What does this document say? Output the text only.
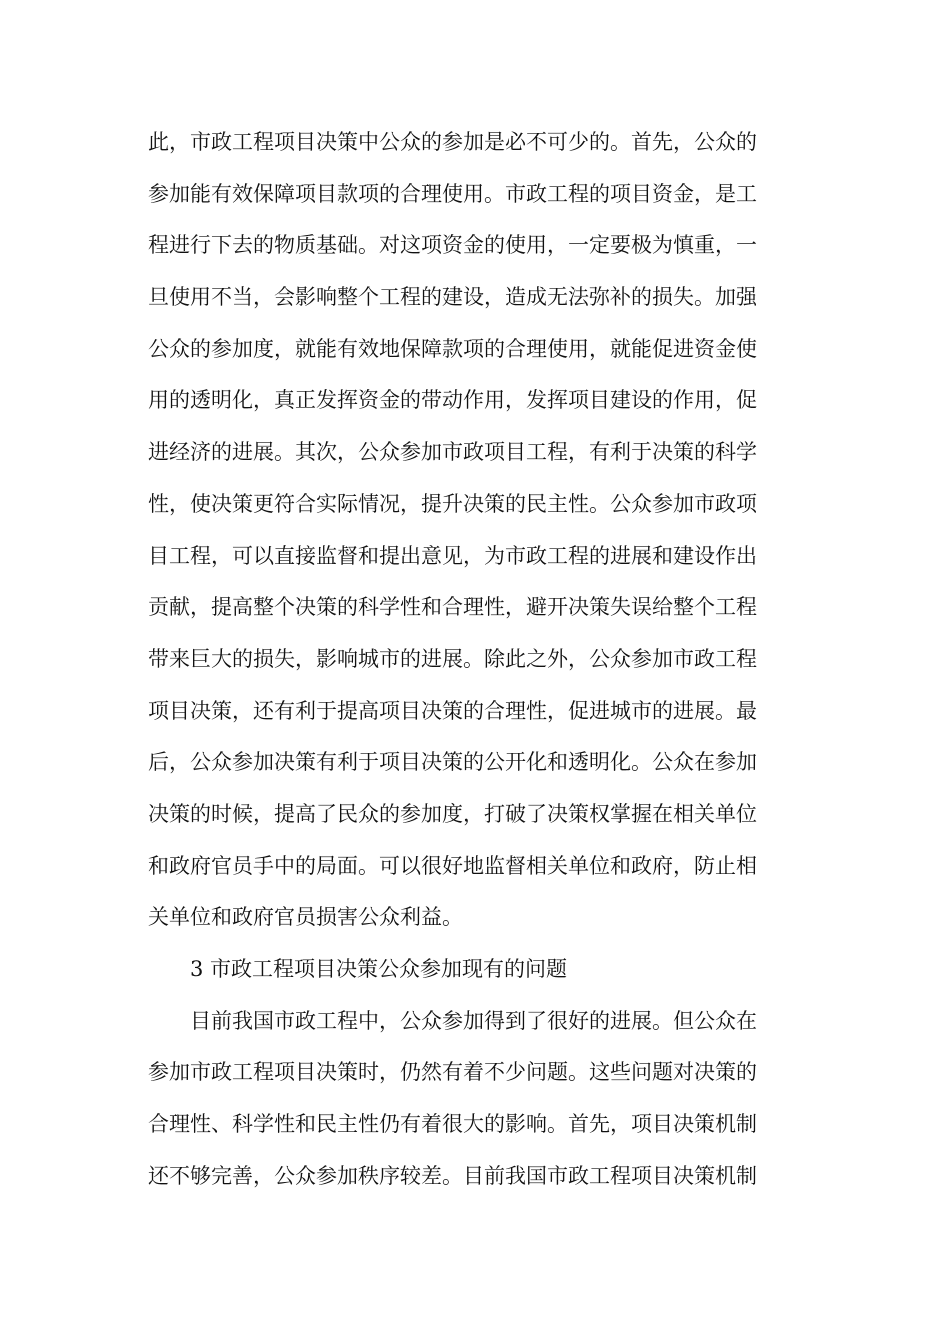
此，市政工程项目决策中公众的参加是必不可少的。首先，公众的
参加能有效保障项目款项的合理使用。市政工程的项目资金，是工
程进行下去的物质基础。对这项资金的使用，一定要极为慎重，一
旦使用不当，会影响整个工程的建设，造成无法弥补的损失。加强
公众的参加度，就能有效地保障款项的合理使用，就能促进资金使
用的透明化，真正发挥资金的带动作用，发挥项目建设的作用，促
进经济的进展。其次，公众参加市政项目工程，有利于决策的科学
性，使决策更符合实际情况，提升决策的民主性。公众参加市政项
目工程，可以直接监督和提出意见，为市政工程的进展和建设作出
贡献，提高整个决策的科学性和合理性，避开决策失误给整个工程
带来巨大的损失，影响城市的进展。除此之外，公众参加市政工程
项目决策，还有利于提高项目决策的合理性，促进城市的进展。最
后，公众参加决策有利于项目决策的公开化和透明化。公众在参加
决策的时候，提高了民众的参加度，打破了决策权掌握在相关单位
和政府官员手中的局面。可以很好地监督相关单位和政府，防止相
关单位和政府官员损害公众利益。
3 市政工程项目决策公众参加现有的问题
目前我国市政工程中，公众参加得到了很好的进展。但公众在
参加市政工程项目决策时，仍然有着不少问题。这些问题对决策的
合理性、科学性和民主性仍有着很大的影响。首先，项目决策机制
还不够完善，公众参加秩序较差。目前我国市政工程项目决策机制
